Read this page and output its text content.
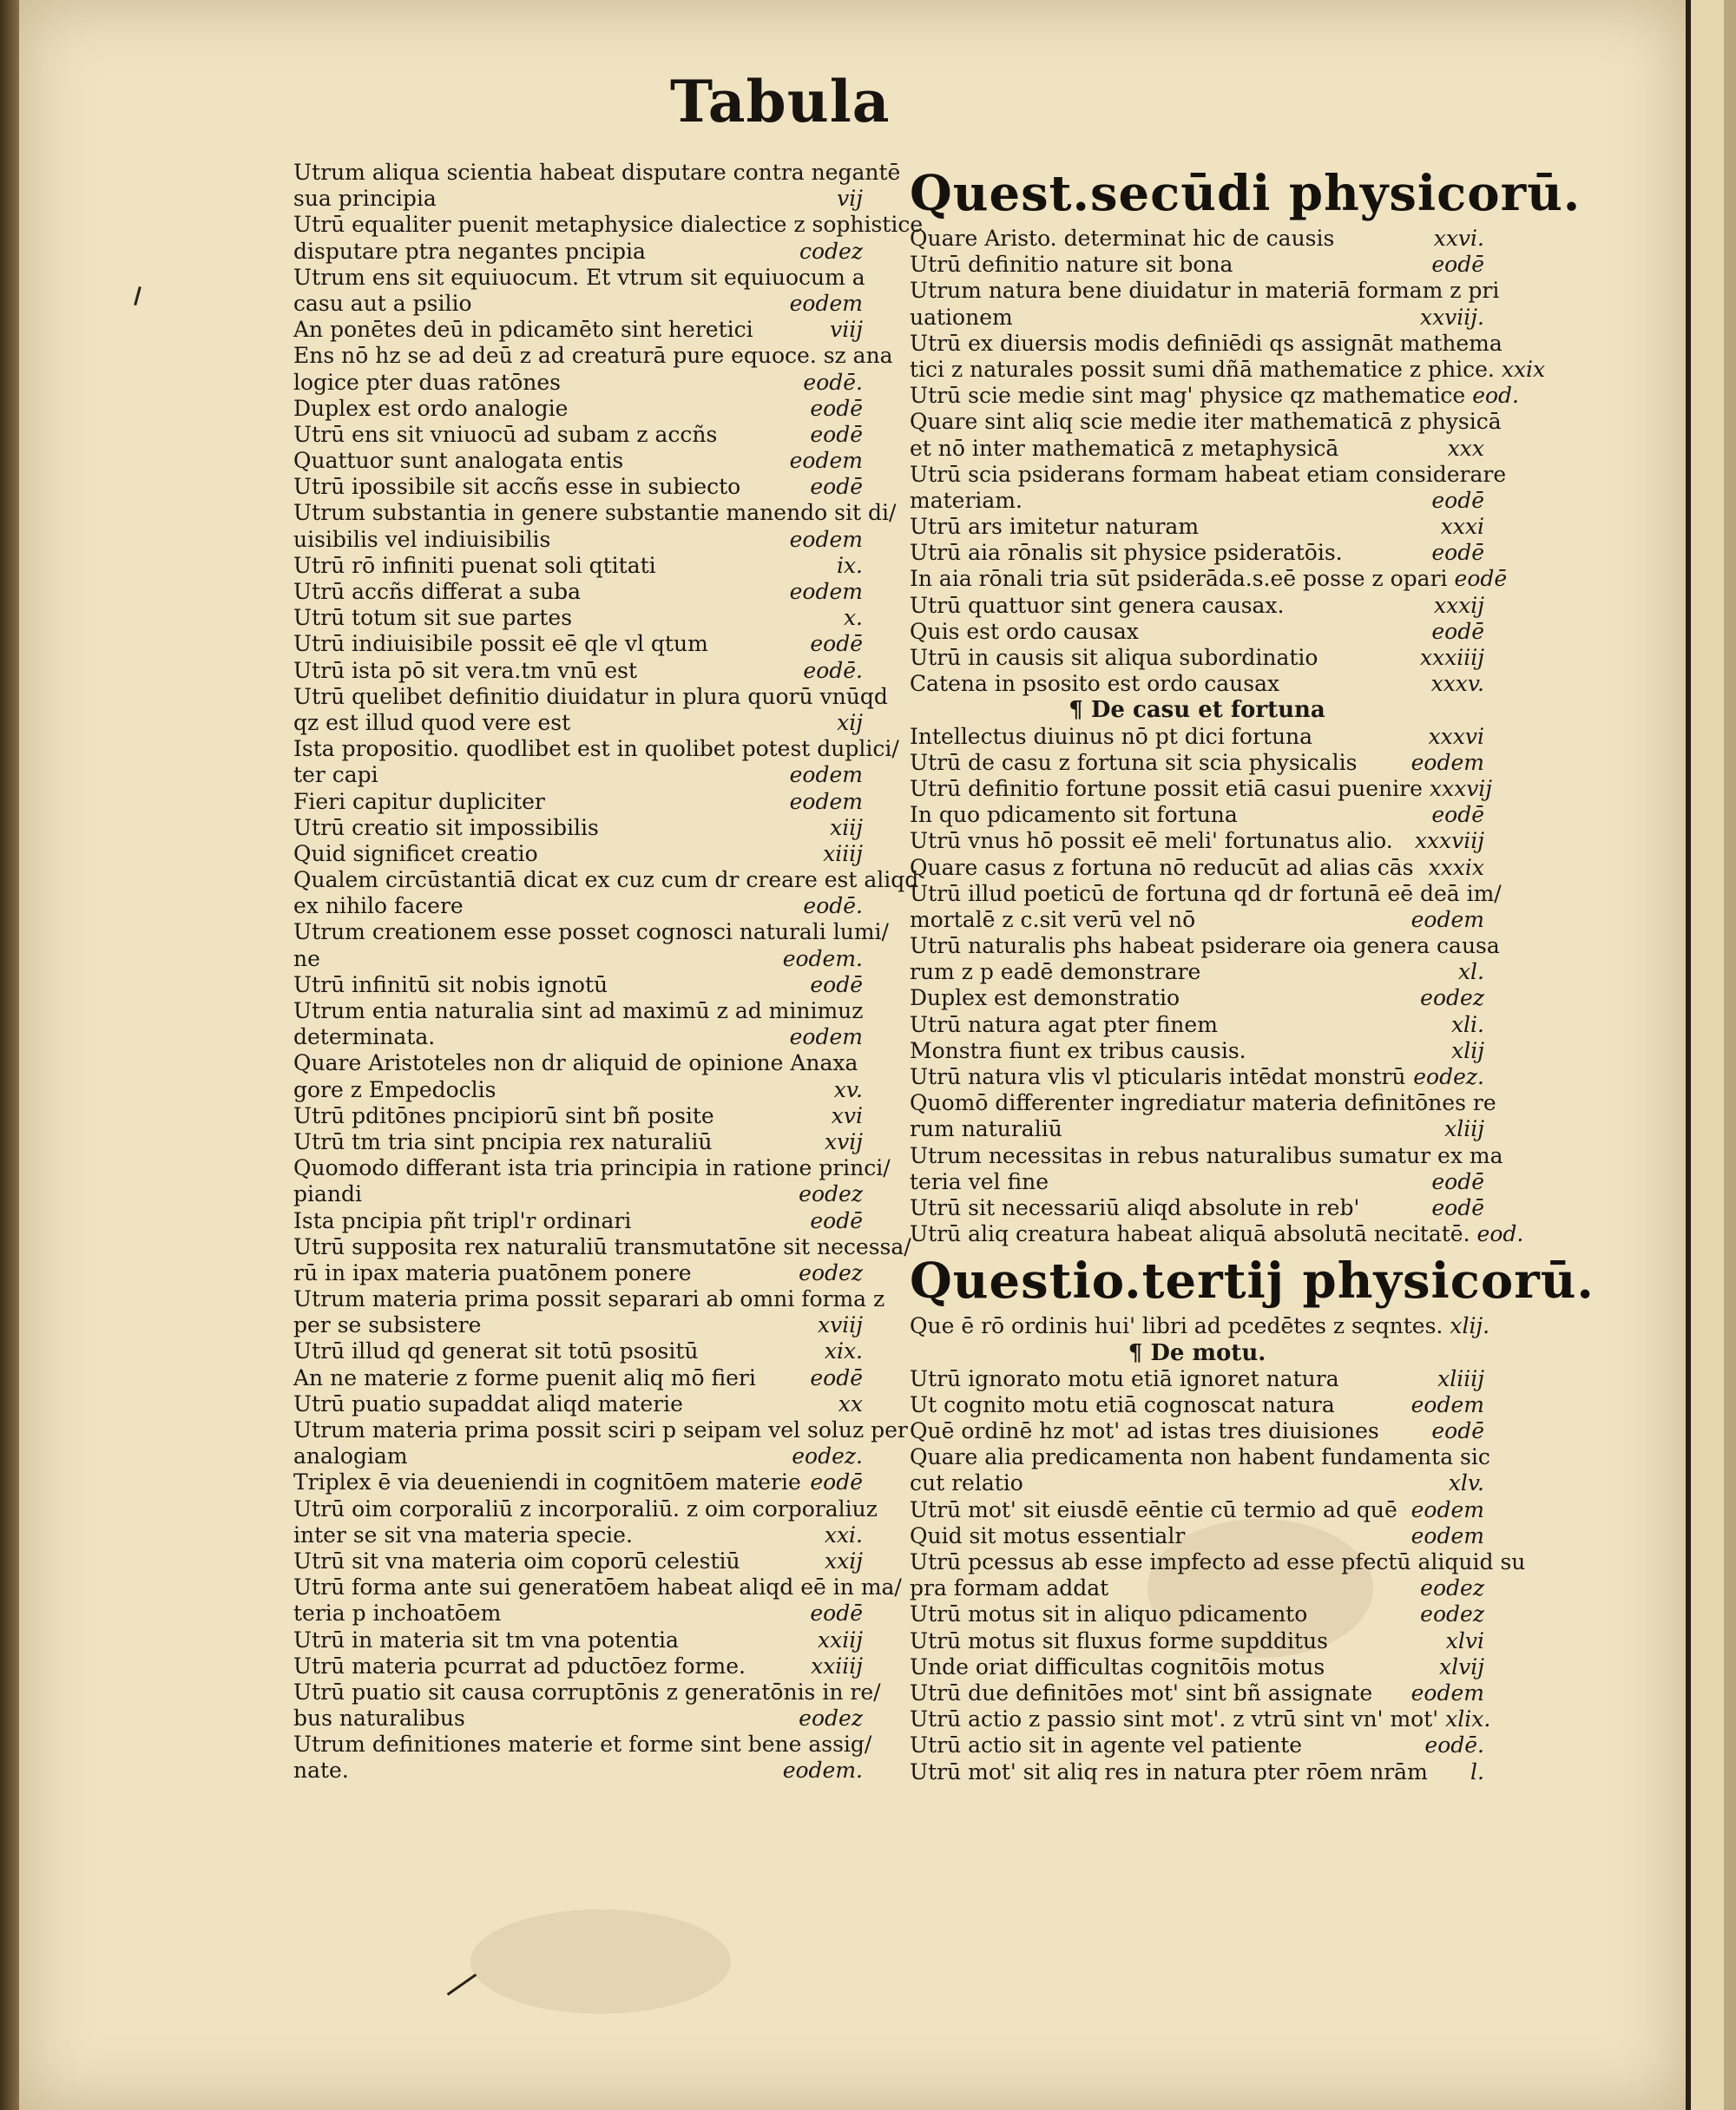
Tabula
Utrum aliqua scientia habeat disputare contra negantē
sua principia	vij
Utrū equaliter puenit metaphysice dialectice z sophistice
disputare ptra negantes pncipia	codez
Utrum ens sit equiuocum. Et vtrum sit equiuocum a
casu aut a psilio	eodem
An ponētes deū in pdicamēto sint heretici	viij
Ens nō hz se ad deū z ad creaturā pure equoce. sz ana
logice pter duas ratōnes	eodē.
Duplex est ordo analogie	eodē
Utrū ens sit vniuocū ad subam z accñs	eodē
Quattuor sunt analogata entis	eodem
Utrū ipossibile sit accñs esse in subiecto	eodē
Utrum substantia in genere substantie manendo sit di/
uisibilis vel indiuisibilis	eodem
Utrū rō infiniti puenat soli qtitati	ix.
Utrū accñs differat a suba	eodem
Utrū totum sit sue partes	x.
Utrū indiuisibile possit eē qle vl qtum	eodē
Utrū ista pō sit vera.tm vnū est	eodē.
Utrū quelibet definitio diuidatur in plura quorū vnūqd
qz est illud quod vere est	xij
Ista propositio. quodlibet est in quolibet potest duplici/
ter capi	eodem
Fieri capitur dupliciter	eodem
Utrū creatio sit impossibilis	xiij
Quid significet creatio	xiiij
Qualem circūstantiā dicat ex cuz cum dr creare est aliqd
ex nihilo facere	eodē.
Utrum creationem esse posset cognosci naturali lumi/
ne	eodem.
Utrū infinitū sit nobis ignotū	eodē
Utrum entia naturalia sint ad maximū z ad minimuz
determinata.	eodem
Quare Aristoteles non dr aliquid de opinione Anaxa
gore z Empedoclis	xv.
Utrū pditōnes pncipiorū sint bñ posite	xvi
Utrū tm tria sint pncipia rex naturaliū	xvij
Quomodo differant ista tria principia in ratione princi/
piandi	eodez
Ista pncipia pñt tripl'r ordinari	eodē
Utrū supposita rex naturaliū transmutatōne sit necessa/
rū in ipax materia puatōnem ponere	eodez
Utrum materia prima possit separari ab omni forma z
per se subsistere	xviij
Utrū illud qd generat sit totū psositū	xix.
An ne materie z forme puenit aliq mō fieri	eodē
Utrū puatio supaddat aliqd materie	xx
Utrum materia prima possit sciri p seipam vel soluz per
analogiam	eodez.
Triplex ē via deueniendi in cognitōem materie eodē
Utrū oim corporaliū z incorporaliū. z oim corporaliuz
inter se sit vna materia specie.	xxi.
Utrū sit vna materia oim coporū celestiū	xxij
Utrū forma ante sui generatōem habeat aliqd eē in ma/
teria p inchoatōem	eodē
Utrū in materia sit tm vna potentia	xxiij
Utrū materia pcurrat ad pductōez forme.	xxiiij
Utrū puatio sit causa corruptōnis z generatōnis in re/
bus naturalibus	eodez
Utrum definitiones materie et forme sint bene assig/
nate.	eodem.
Quest.secūdi physicorū.
Quare Aristo. determinat hic de causis	xxvi.
Utrū definitio nature sit bona	eodē
Utrum natura bene diuidatur in materiā formam z pri
uationem	xxviij.
Utrū ex diuersis modis definiēdi qs assignāt mathema
tici z naturales possit sumi dñā mathematice z phice. xxix
Utrū scie medie sint mag' physice qz mathematice eod.
Quare sint aliq scie medie iter mathematicā z physicā
et nō inter mathematicā z metaphysicā	xxx
Utrū scia psiderans formam habeat etiam considerare
materiam.	eodē
Utrū ars imitetur naturam	xxxi
Utrū aia rōnalis sit physice psideratōis.	eodē
In aia rōnali tria sūt psiderāda.s.eē posse z opari eodē
Utrū quattuor sint genera causax.	xxxij
Quis est ordo causax	eodē
Utrū in causis sit aliqua subordinatio	xxxiiij
Catena in psosito est ordo causax	xxxv.
¶ De casu et fortuna
Intellectus diuinus nō pt dici fortuna	xxxvi
Utrū de casu z fortuna sit scia physicalis	eodem
Utrū definitio fortune possit etiā casui puenire xxxvij
In quo pdicamento sit fortuna	eodē
Utrū vnus hō possit eē meli' fortunatus alio.	xxxviij
Quare casus z fortuna nō reducūt ad alias cās xxxix
Utrū illud poeticū de fortuna qd dr fortunā eē deā im/
mortalē z c.sit verū vel nō	eodem
Utrū naturalis phs habeat psiderare oia genera causa
rum z p eadē demonstrare	xl.
Duplex est demonstratio	eodez
Utrū natura agat pter finem	xli.
Monstra fiunt ex tribus causis.	xlij
Utrū natura vlis vl pticularis intēdat monstrū eodez.
Quomō differenter ingrediatur materia definitōnes re
rum naturaliū	xliij
Utrum necessitas in rebus naturalibus sumatur ex ma
teria vel fine	eodē
Utrū sit necessariū aliqd absolute in reb'	eodē
Utrū aliq creatura habeat aliquā absolutā necitatē. eod.
Questio.tertij physicorū.
Que ē rō ordinis hui' libri ad pcedētes z seqntes. xlij.
¶ De motu.
Utrū ignorato motu etiā ignoret natura	xliiij
Ut cognito motu etiā cognoscat natura	eodem
Quē ordinē hz mot' ad istas tres diuisiones	eodē
Quare alia predicamenta non habent fundamenta sic
cut relatio	xlv.
Utrū mot' sit eiusdē eēntie cū termio ad quē eodem
Quid sit motus essentialr	eodem
Utrū pcessus ab esse impfecto ad esse pfectū aliquid su
pra formam addat	eodez
Utrū motus sit in aliquo pdicamento	eodez
Utrū motus sit fluxus forme supdditus	xlvi
Unde oriat difficultas cognitōis motus	xlvij
Utrū due definitōes mot' sint bñ assignate	eodem
Utrū actio z passio sint mot'. z vtrū sint vn' mot' xlix.
Utrū actio sit in agente vel patiente	eodē.
Utrū mot' sit aliq res in natura pter rōem nrām	l.
